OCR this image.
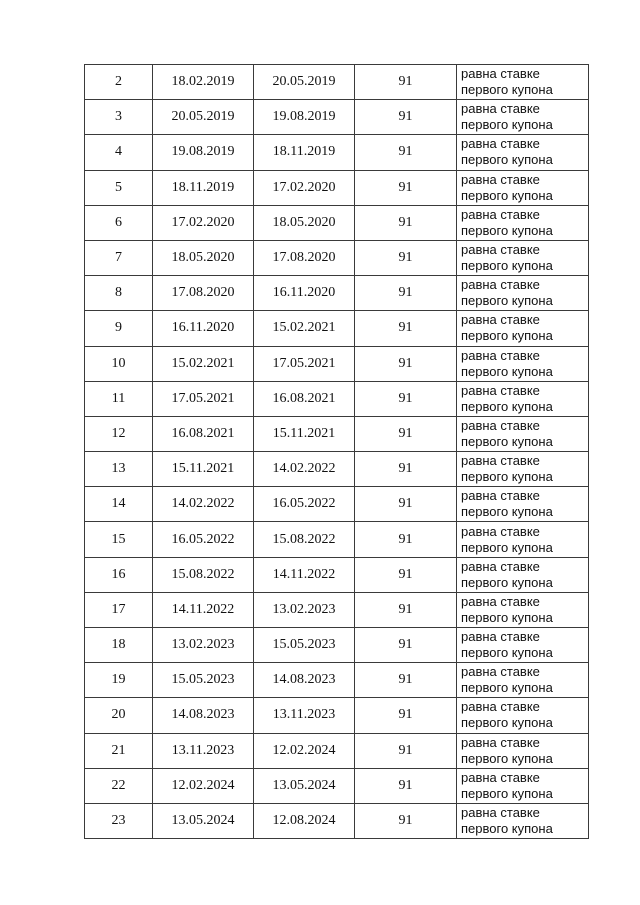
2	18.02.2019	20.05.2019	91	равна ставке
первого купона

3	20.05.2019	19.08.2019	91	равна ставке
первого купона

4	19.08.2019	18.11.2019	91	равна ставке
первого купона

5	18.11.2019	17.02.2020	91	равна ставке
первого купона

6	17.02.2020	18.05.2020	91	равна ставке
первого купона

7	18.05.2020	17.08.2020	91	равна ставке
первого купона

8	17.08.2020	16.11.2020	91	равна ставке
первого купона

9	16.11.2020	15.02.2021	91	равна ставке
первого купона

10	15.02.2021	17.05.2021	91	равна ставке
первого купона

11	17.05.2021	16.08.2021	91	равна ставке
первого купона

12	16.08.2021	15.11.2021	91	равна ставке
первого купона

13	15.11.2021	14.02.2022	91	равна ставке
первого купона

14	14.02.2022	16.05.2022	91	равна ставке
первого купона

15	16.05.2022	15.08.2022	91	равна ставке
первого купона

16	15.08.2022	14.11.2022	91	равна ставке
первого купона

17	14.11.2022	13.02.2023	91	равна ставке
первого купона

18	13.02.2023	15.05.2023	91	равна ставке
первого купона

19	15.05.2023	14.08.2023	91	равна ставке
первого купона

20	14.08.2023	13.11.2023	91	равна ставке
первого купона

21	13.11.2023	12.02.2024	91	равна ставке
первого купона

22	12.02.2024	13.05.2024	91	равна ставке
первого купона

23	13.05.2024	12.08.2024	91	равна ставке
первого купона
